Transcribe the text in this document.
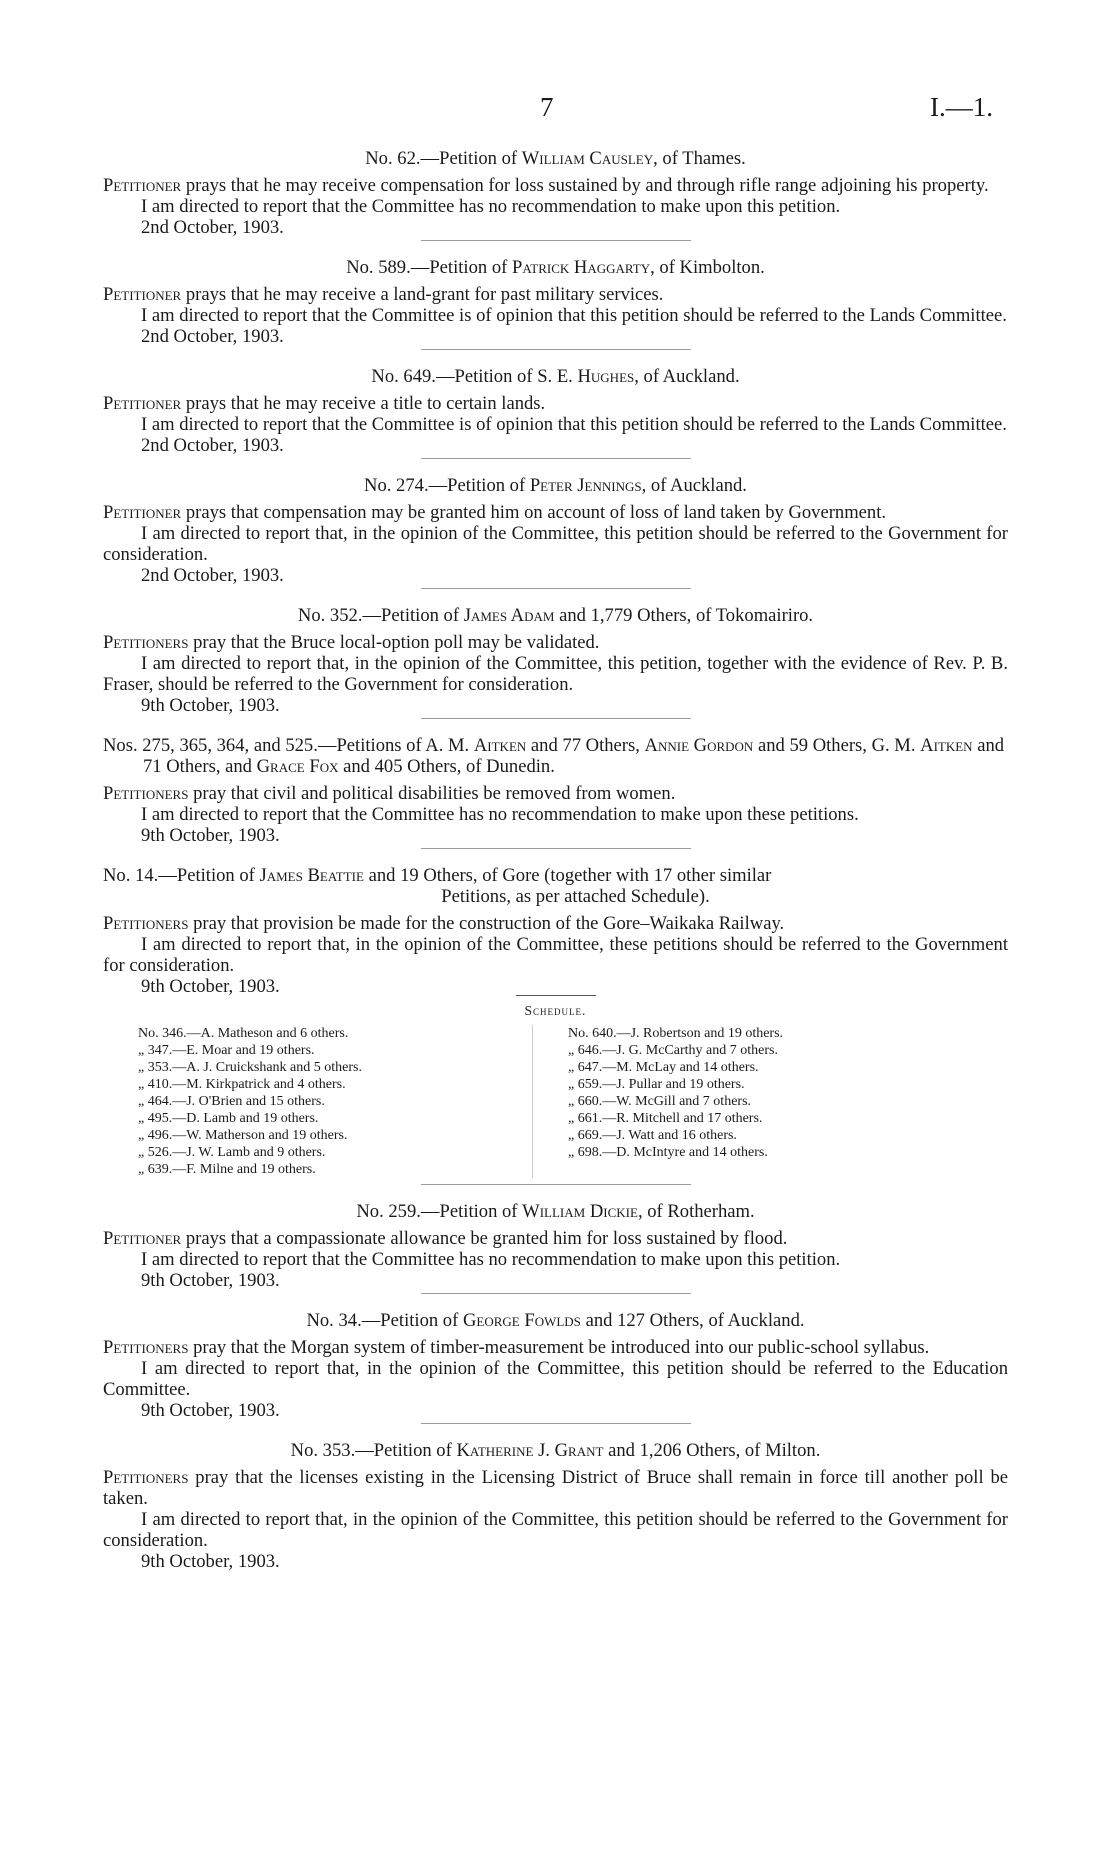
7	I.—1.

No. 62.—Petition of William Causley, of Thames.

Petitioner prays that he may receive compensation for loss sustained by and through rifle range adjoining his property.

I am directed to report that the Committee has no recommendation to make upon this petition.

2nd October, 1903.

No. 589.—Petition of Patrick Haggarty, of Kimbolton.

Petitioner prays that he may receive a land-grant for past military services.

I am directed to report that the Committee is of opinion that this petition should be referred to the Lands Committee.

2nd October, 1903.

No. 649.—Petition of S. E. Hughes, of Auckland.

Petitioner prays that he may receive a title to certain lands.

I am directed to report that the Committee is of opinion that this petition should be referred to the Lands Committee.

2nd October, 1903.

No. 274.—Petition of Peter Jennings, of Auckland.

Petitioner prays that compensation may be granted him on account of loss of land taken by Government.

I am directed to report that, in the opinion of the Committee, this petition should be referred to the Government for consideration.

2nd October, 1903.

No. 352.—Petition of James Adam and 1,779 Others, of Tokomairiro.

Petitioners pray that the Bruce local-option poll may be validated.

I am directed to report that, in the opinion of the Committee, this petition, together with the evidence of Rev. P. B. Fraser, should be referred to the Government for consideration.

9th October, 1903.

Nos. 275, 365, 364, and 525.—Petitions of A. M. Aitken and 77 Others, Annie Gordon and 59 Others, G. M. Aitken and 71 Others, and Grace Fox and 405 Others, of Dunedin.

Petitioners pray that civil and political disabilities be removed from women.

I am directed to report that the Committee has no recommendation to make upon these petitions.

9th October, 1903.

No. 14.—Petition of James Beattie and 19 Others, of Gore (together with 17 other similar
Petitions, as per attached Schedule).

Petitioners pray that provision be made for the construction of the Gore–Waikaka Railway.

I am directed to report that, in the opinion of the Committee, these petitions should be referred to the Government for consideration.

9th October, 1903.

Schedule.
No. 346.—A. Matheson and 6 others.
„ 347.—E. Moar and 19 others.
„ 353.—A. J. Cruickshank and 5 others.
„ 410.—M. Kirkpatrick and 4 others.
„ 464.—J. O'Brien and 15 others.
„ 495.—D. Lamb and 19 others.
„ 496.—W. Matherson and 19 others.
„ 526.—J. W. Lamb and 9 others.
„ 639.—F. Milne and 19 others.
No. 640.—J. Robertson and 19 others.
„ 646.—J. G. McCarthy and 7 others.
„ 647.—M. McLay and 14 others.
„ 659.—J. Pullar and 19 others.
„ 660.—W. McGill and 7 others.
„ 661.—R. Mitchell and 17 others.
„ 669.—J. Watt and 16 others.
„ 698.—D. McIntyre and 14 others.

No. 259.—Petition of William Dickie, of Rotherham.

Petitioner prays that a compassionate allowance be granted him for loss sustained by flood.

I am directed to report that the Committee has no recommendation to make upon this petition.

9th October, 1903.

No. 34.—Petition of George Fowlds and 127 Others, of Auckland.

Petitioners pray that the Morgan system of timber-measurement be introduced into our public-school syllabus.

I am directed to report that, in the opinion of the Committee, this petition should be referred to the Education Committee.

9th October, 1903.

No. 353.—Petition of Katherine J. Grant and 1,206 Others, of Milton.

Petitioners pray that the licenses existing in the Licensing District of Bruce shall remain in force till another poll be taken.

I am directed to report that, in the opinion of the Committee, this petition should be referred to the Government for consideration.

9th October, 1903.
